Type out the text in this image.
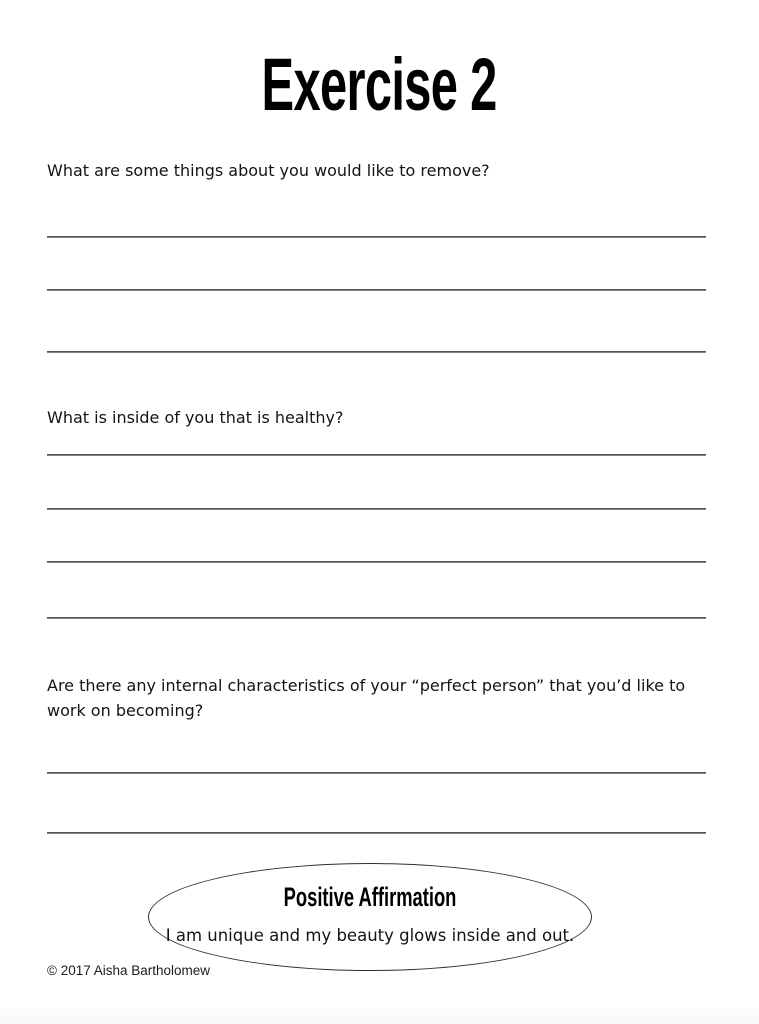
Exercise 2
What are some things about you would like to remove?
What is inside of you that is healthy?
Are there any internal characteristics of your “perfect person” that you’d like to work on becoming?
Positive Affirmation
I am unique and my beauty glows inside and out.
© 2017 Aisha Bartholomew
